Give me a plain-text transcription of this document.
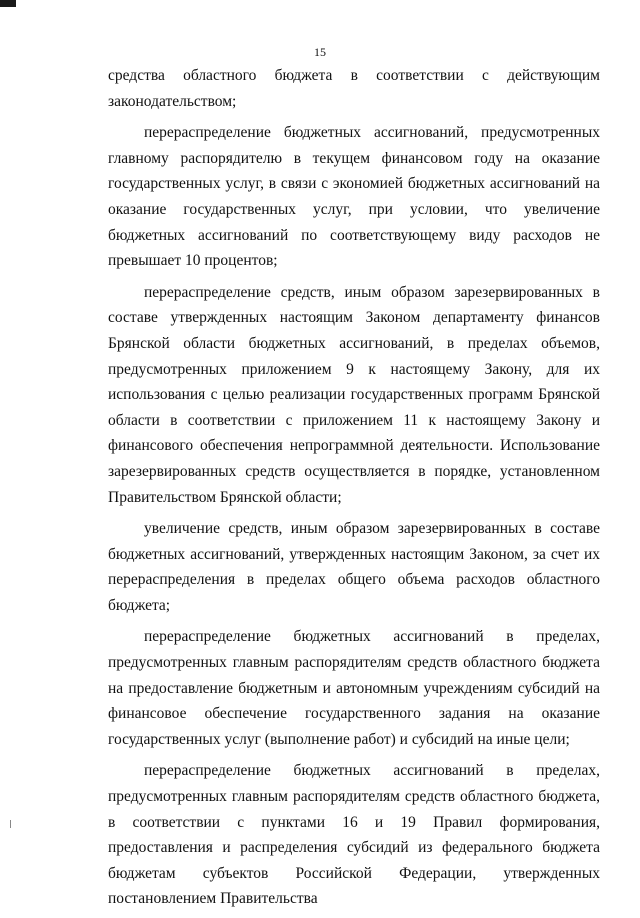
15

средства областного бюджета в соответствии с действующим законодательством;

перераспределение бюджетных ассигнований, предусмотренных главному распорядителю в текущем финансовом году на оказание государственных услуг, в связи с экономией бюджетных ассигнований на оказание государственных услуг, при условии, что увеличение бюджетных ассигнований по соответствующему виду расходов не превышает 10 процентов;

перераспределение средств, иным образом зарезервированных в составе утвержденных настоящим Законом департаменту финансов Брянской области бюджетных ассигнований, в пределах объемов, предусмотренных приложением 9 к настоящему Закону, для их использования с целью реализации государственных программ Брянской области в соответствии с приложением 11 к настоящему Закону и финансового обеспечения непрограммной деятельности. Использование зарезервированных средств осуществляется в порядке, установленном Правительством Брянской области;

увеличение средств, иным образом зарезервированных в составе бюджетных ассигнований, утвержденных настоящим Законом, за счет их перераспределения в пределах общего объема расходов областного бюджета;

перераспределение бюджетных ассигнований в пределах, предусмотренных главным распорядителям средств областного бюджета на предоставление бюджетным и автономным учреждениям субсидий на финансовое обеспечение государственного задания на оказание государственных услуг (выполнение работ) и субсидий на иные цели;

перераспределение бюджетных ассигнований в пределах, предусмотренных главным распорядителям средств областного бюджета, в соответствии с пунктами 16 и 19 Правил формирования, предоставления и распределения субсидий из федерального бюджета бюджетам субъектов Российской Федерации, утвержденных постановлением Правительства
